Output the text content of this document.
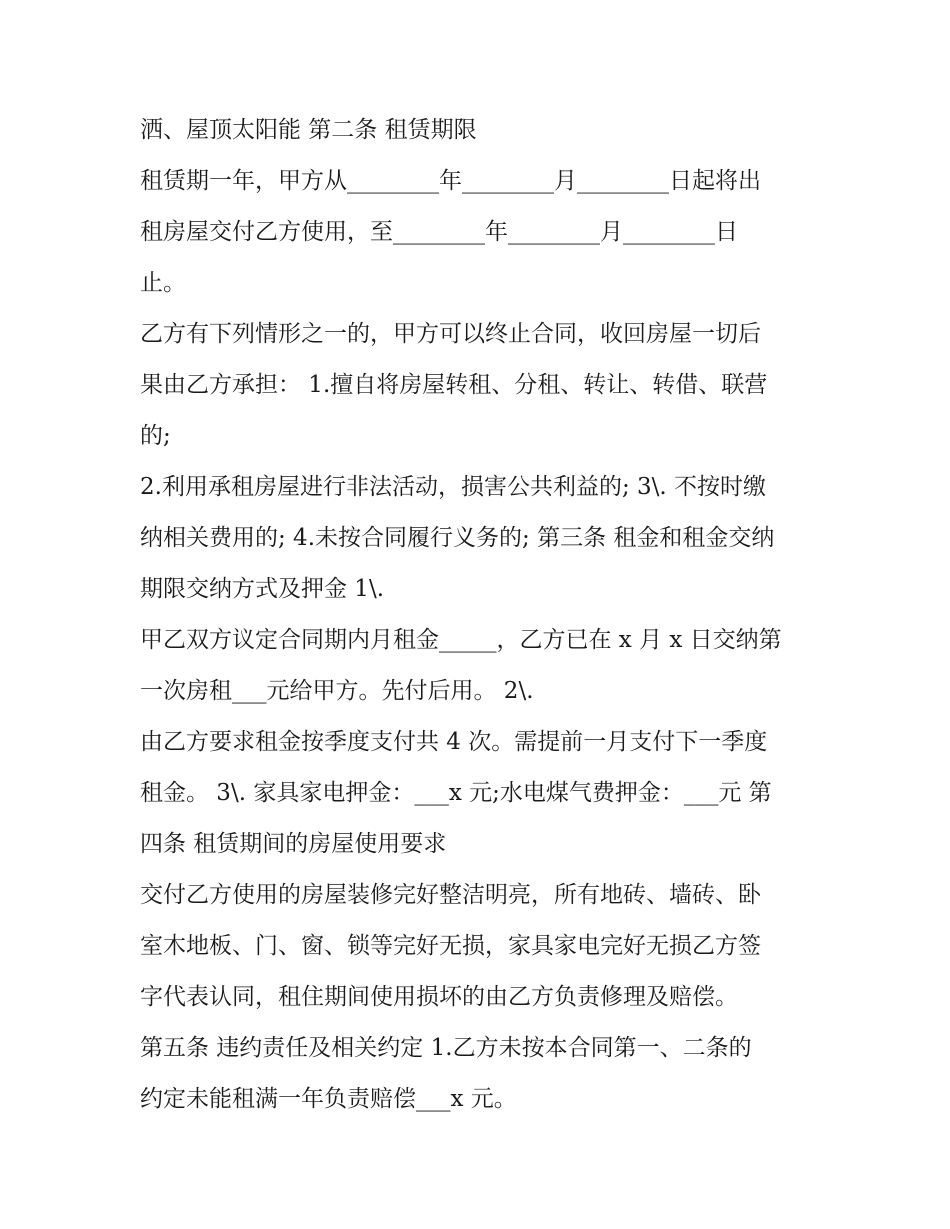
洒、屋顶太阳能 第二条 租赁期限
租赁期一年，甲方从________年________月________日起将出
租房屋交付乙方使用，至________年________月________日
止。
乙方有下列情形之一的，甲方可以终止合同，收回房屋一切后
果由乙方承担： 1.擅自将房屋转租、分租、转让、转借、联营
的;
2.利用承租房屋进行非法活动，损害公共利益的; 3\. 不按时缴
纳相关费用的; 4.未按合同履行义务的; 第三条 租金和租金交纳
期限交纳方式及押金 1\.
甲乙双方议定合同期内月租金_____，乙方已在 x 月 x 日交纳第
一次房租___元给甲方。先付后用。 2\.
由乙方要求租金按季度支付共 4 次。需提前一月支付下一季度
租金。 3\. 家具家电押金：___x 元;水电煤气费押金：___元 第
四条 租赁期间的房屋使用要求
交付乙方使用的房屋装修完好整洁明亮，所有地砖、墙砖、卧
室木地板、门、窗、锁等完好无损，家具家电完好无损乙方签
字代表认同，租住期间使用损坏的由乙方负责修理及赔偿。
第五条 违约责任及相关约定 1.乙方未按本合同第一、二条的
约定未能租满一年负责赔偿___x 元。
